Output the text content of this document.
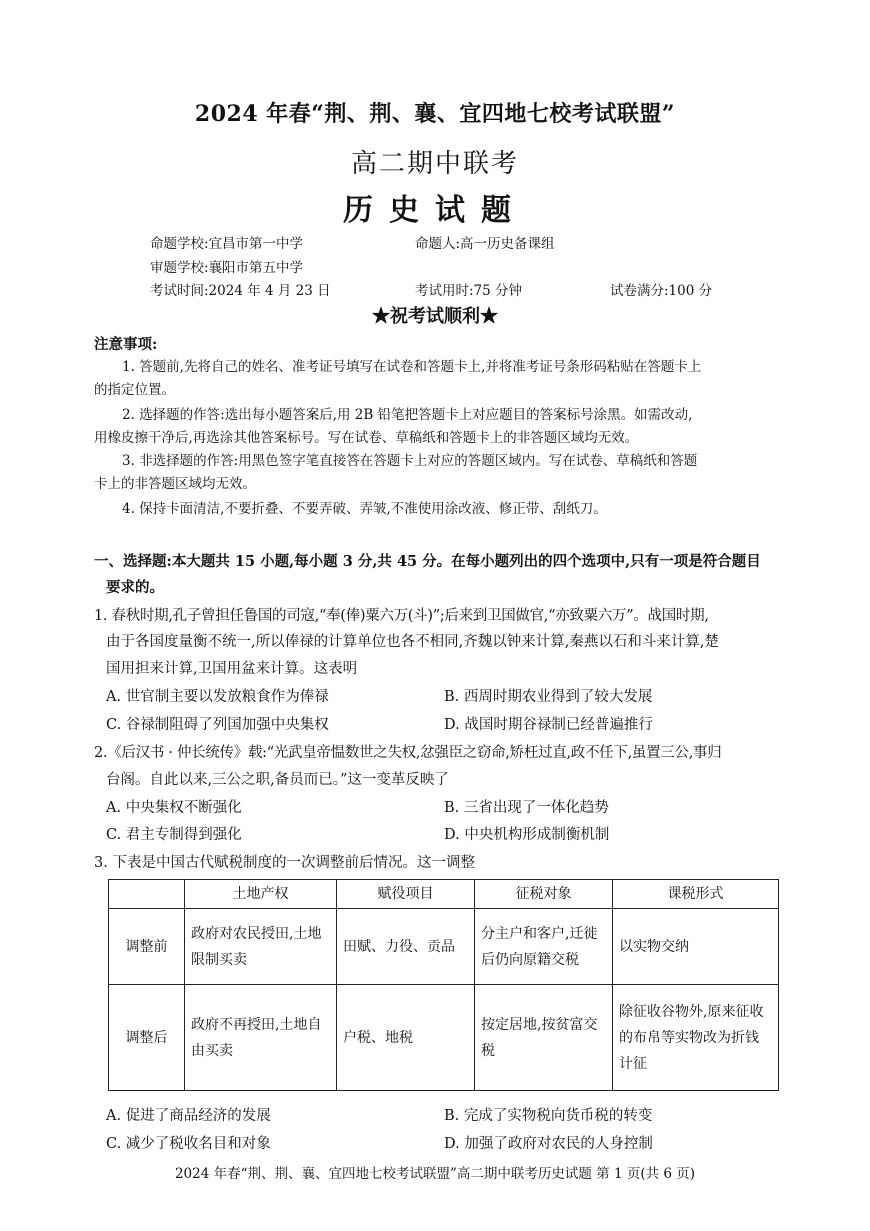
2024 年春“荆、荆、襄、宜四地七校考试联盟”
高二期中联考
历史试题
命题学校:宜昌市第一中学	命题人:高一历史备课组
审题学校:襄阳市第五中学
考试时间:2024 年 4 月 23 日	考试用时:75 分钟	试卷满分:100 分
★祝考试顺利★
注意事项:
1. 答题前,先将自己的姓名、准考证号填写在试卷和答题卡上,并将准考证号条形码粘贴在答题卡上
的指定位置。
2. 选择题的作答:选出每小题答案后,用 2B 铅笔把答题卡上对应题目的答案标号涂黑。如需改动,
用橡皮擦干净后,再选涂其他答案标号。写在试卷、草稿纸和答题卡上的非答题区域均无效。
3. 非选择题的作答:用黑色签字笔直接答在答题卡上对应的答题区域内。写在试卷、草稿纸和答题
卡上的非答题区域均无效。
4. 保持卡面清洁,不要折叠、不要弄破、弄皱,不准使用涂改液、修正带、刮纸刀。
一、选择题:本大题共 15 小题,每小题 3 分,共 45 分。在每小题列出的四个选项中,只有一项是符合题目
要求的。
1. 春秋时期,孔子曾担任鲁国的司寇,“奉(俸)粟六万(斗)”;后来到卫国做官,“亦致粟六万”。战国时期,
由于各国度量衡不统一,所以俸禄的计算单位也各不相同,齐魏以钟来计算,秦燕以石和斗来计算,楚
国用担来计算,卫国用盆来计算。这表明
A. 世官制主要以发放粮食作为俸禄	B. 西周时期农业得到了较大发展
C. 谷禄制阻碍了列国加强中央集权	D. 战国时期谷禄制已经普遍推行
2.《后汉书 · 仲长统传》载:“光武皇帝愠数世之失权,忿强臣之窃命,矫枉过直,政不任下,虽置三公,事归
台阁。自此以来,三公之职,备员而已。”这一变革反映了
A. 中央集权不断强化	B. 三省出现了一体化趋势
C. 君主专制得到强化	D. 中央机构形成制衡机制
3. 下表是中国古代赋税制度的一次调整前后情况。这一调整
	土地产权	赋役项目	征税对象	课税形式
调整前	政府对农民授田,土地限制买卖	田赋、力役、贡品	分主户和客户,迁徙后仍向原籍交税	以实物交纳
调整后	政府不再授田,土地自由买卖	户税、地税	按定居地,按贫富交税	除征收谷物外,原来征收的布帛等实物改为折钱计征
A. 促进了商品经济的发展	B. 完成了实物税向货币税的转变
C. 减少了税收名目和对象	D. 加强了政府对农民的人身控制
2024 年春“荆、荆、襄、宜四地七校考试联盟”高二期中联考历史试题 第 1 页(共 6 页)
